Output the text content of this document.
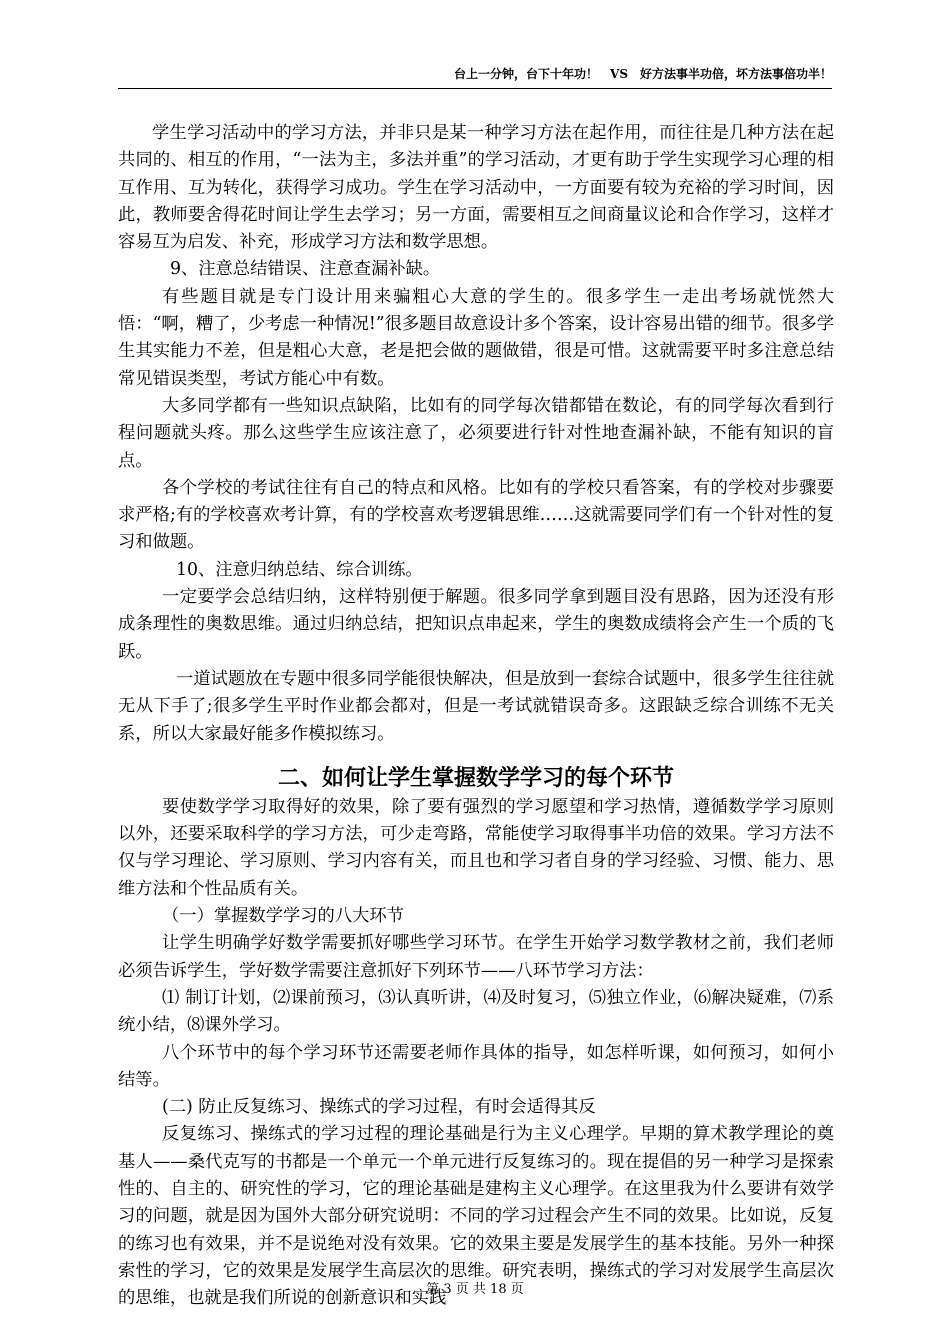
台上一分钟，台下十年功！　VS　好方法事半功倍，坏方法事倍功半！

学生学习活动中的学习方法，并非只是某一种学习方法在起作用，而往往是几种方法在起共同的、相互的作用，“一法为主，多法并重”的学习活动，才更有助于学生实现学习心理的相互作用、互为转化，获得学习成功。学生在学习活动中，一方面要有较为充裕的学习时间，因此，教师要舍得花时间让学生去学习；另一方面，需要相互之间商量议论和合作学习，这样才容易互为启发、补充，形成学习方法和数学思想。

9、注意总结错误、注意查漏补缺。

有些题目就是专门设计用来骗粗心大意的学生的。很多学生一走出考场就恍然大悟：“啊，糟了，少考虑一种情况!”很多题目故意设计多个答案，设计容易出错的细节。很多学生其实能力不差，但是粗心大意，老是把会做的题做错，很是可惜。这就需要平时多注意总结常见错误类型，考试方能心中有数。

大多同学都有一些知识点缺陷，比如有的同学每次错都错在数论，有的同学每次看到行程问题就头疼。那么这些学生应该注意了，必须要进行针对性地查漏补缺，不能有知识的盲点。

各个学校的考试往往有自己的特点和风格。比如有的学校只看答案，有的学校对步骤要求严格;有的学校喜欢考计算，有的学校喜欢考逻辑思维……这就需要同学们有一个针对性的复习和做题。

10、注意归纳总结、综合训练。

一定要学会总结归纳，这样特别便于解题。很多同学拿到题目没有思路，因为还没有形成条理性的奥数思维。通过归纳总结，把知识点串起来，学生的奥数成绩将会产生一个质的飞跃。

一道试题放在专题中很多同学能很快解决，但是放到一套综合试题中，很多学生往往就无从下手了;很多学生平时作业都会都对，但是一考试就错误奇多。这跟缺乏综合训练不无关系，所以大家最好能多作模拟练习。

二、如何让学生掌握数学学习的每个环节

要使数学学习取得好的效果，除了要有强烈的学习愿望和学习热情，遵循数学学习原则以外，还要采取科学的学习方法，可少走弯路，常能使学习取得事半功倍的效果。学习方法不仅与学习理论、学习原则、学习内容有关，而且也和学习者自身的学习经验、习惯、能力、思维方法和个性品质有关。

（一）掌握数学学习的八大环节

让学生明确学好数学需要抓好哪些学习环节。在学生开始学习数学教材之前，我们老师必须告诉学生，学好数学需要注意抓好下列环节——八环节学习方法：

⑴ 制订计划，⑵课前预习，⑶认真听讲，⑷及时复习，⑸独立作业，⑹解决疑难，⑺系统小结，⑻课外学习。

八个环节中的每个学习环节还需要老师作具体的指导，如怎样听课，如何预习，如何小结等。

(二) 防止反复练习、操练式的学习过程，有时会适得其反

反复练习、操练式的学习过程的理论基础是行为主义心理学。早期的算术教学理论的奠基人——桑代克写的书都是一个单元一个单元进行反复练习的。现在提倡的另一种学习是探索性的、自主的、研究性的学习，它的理论基础是建构主义心理学。在这里我为什么要讲有效学习的问题，就是因为国外大部分研究说明：不同的学习过程会产生不同的效果。比如说，反复的练习也有效果，并不是说绝对没有效果。它的效果主要是发展学生的基本技能。另外一种探索性的学习，它的效果是发展学生高层次的思维。研究表明，操练式的学习对发展学生高层次的思维，也就是我们所说的创新意识和实践

第 3 页 共 18 页
